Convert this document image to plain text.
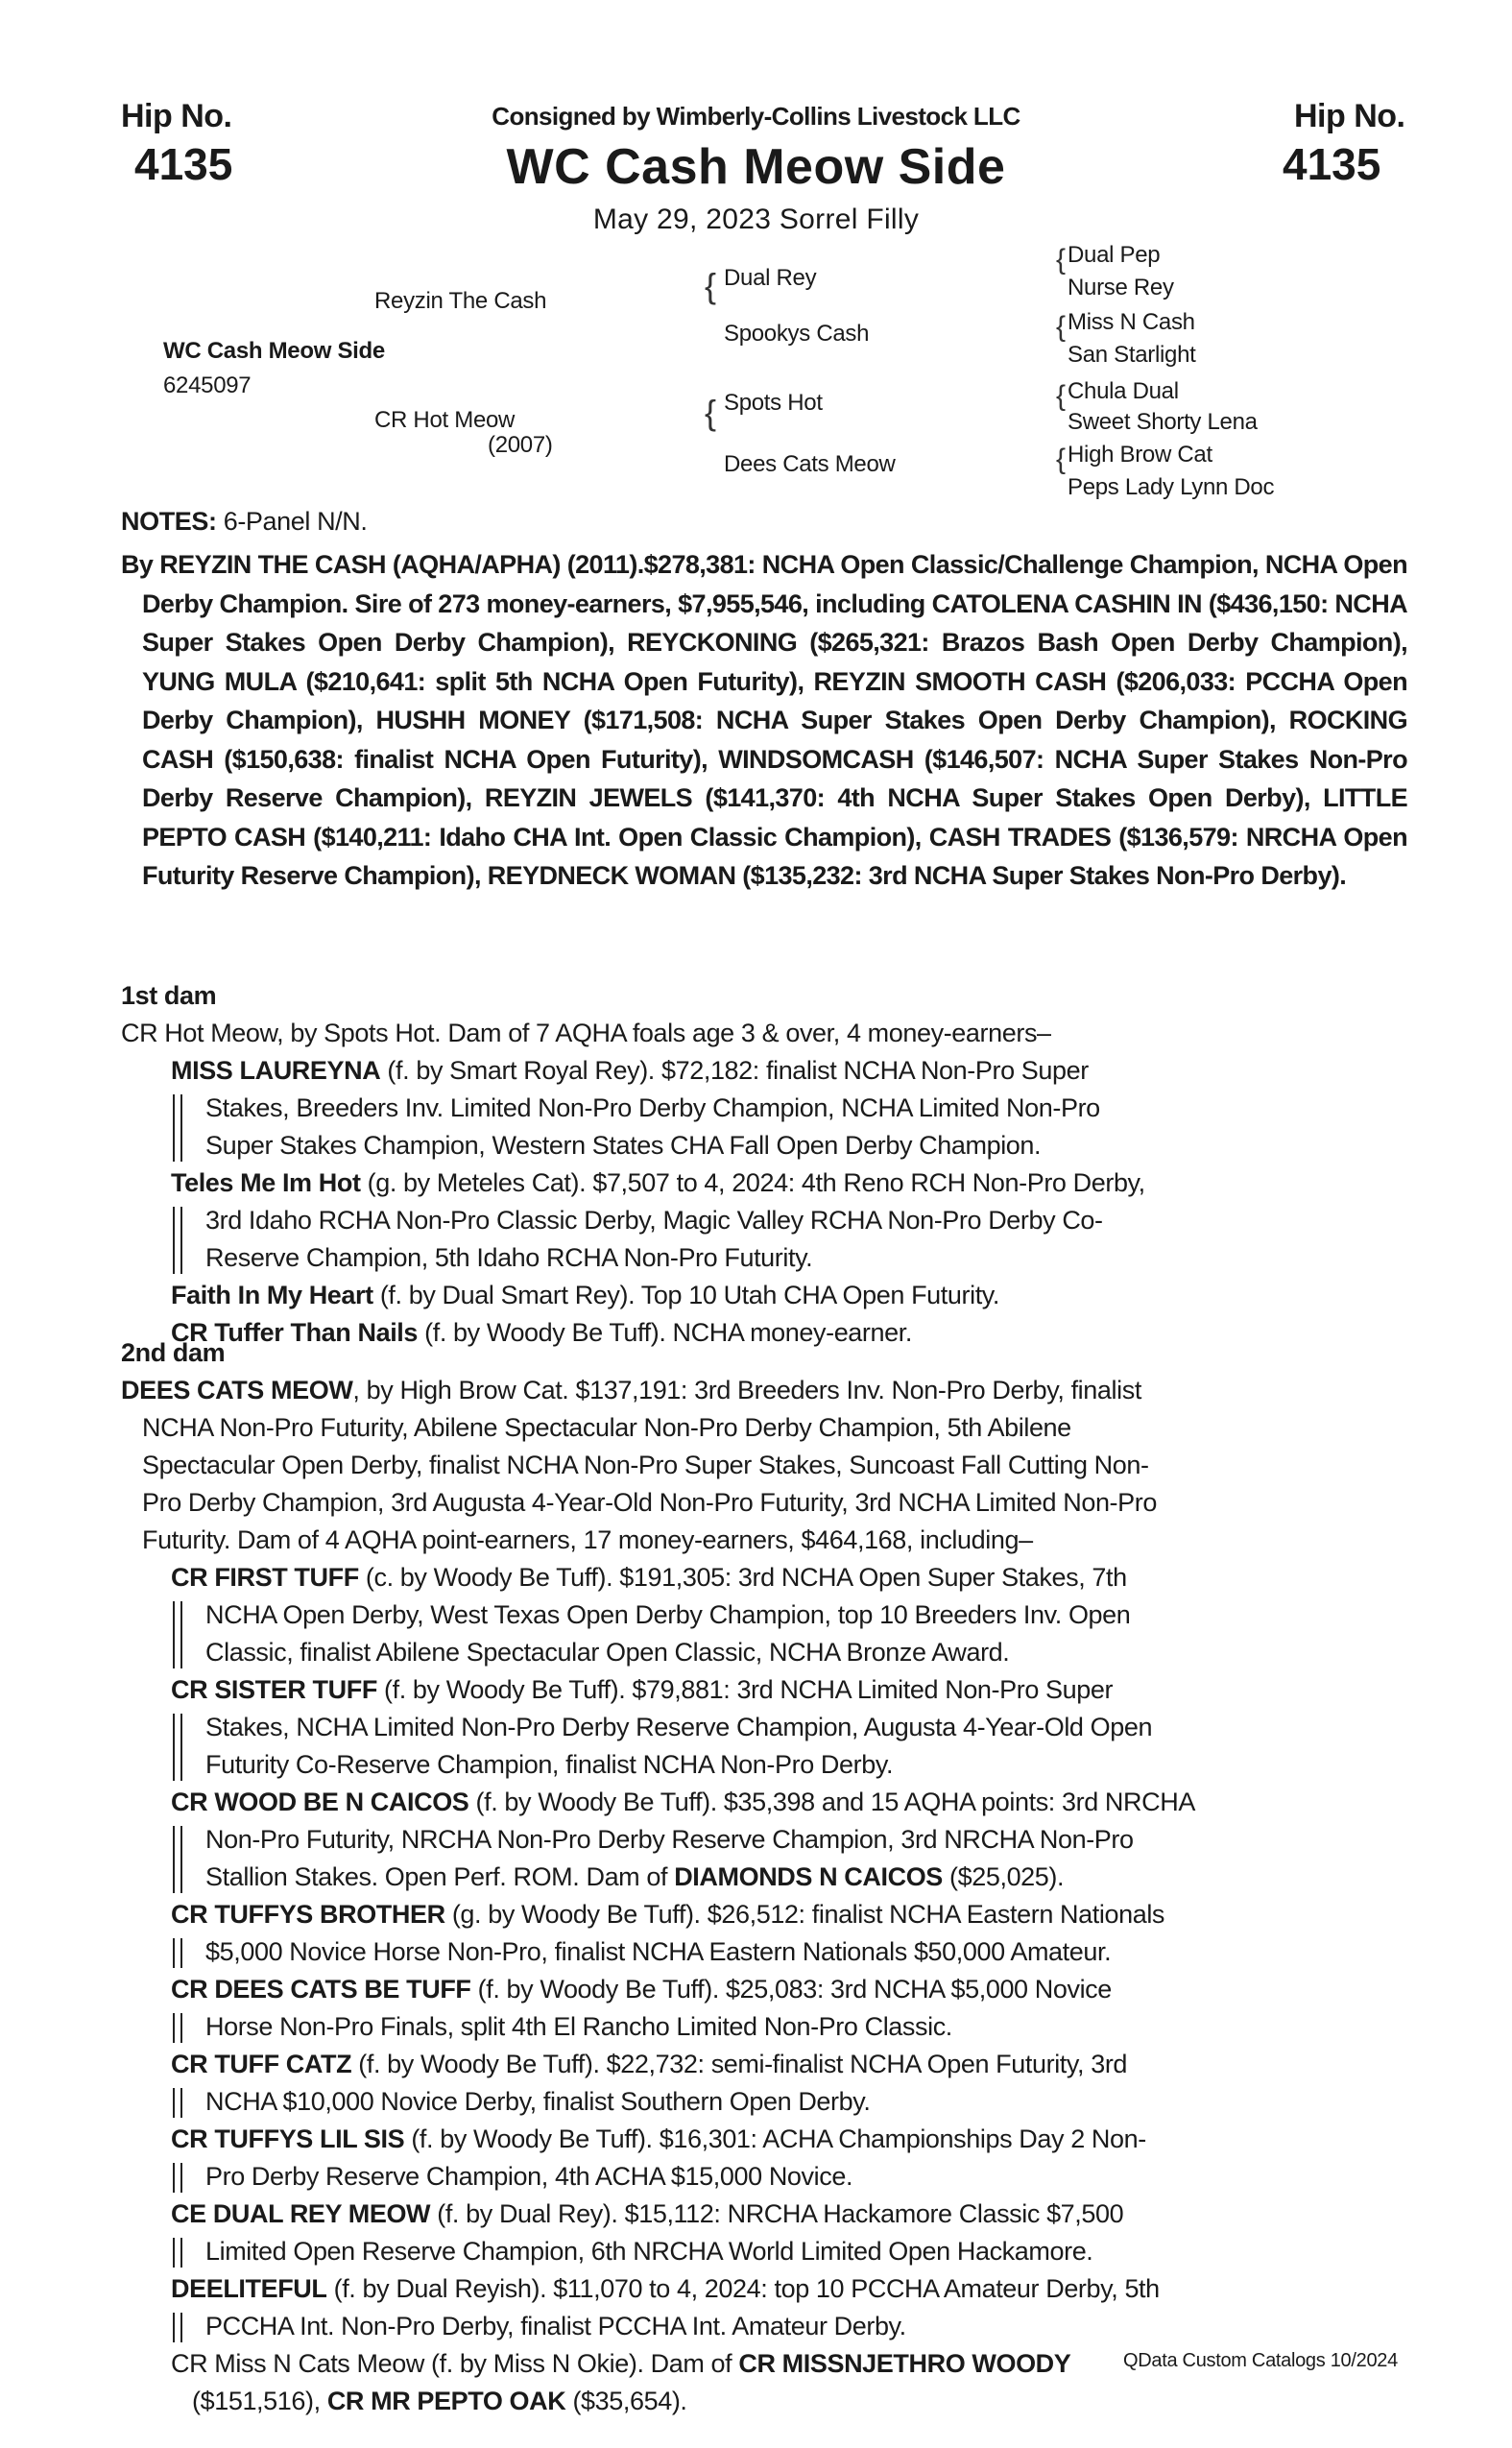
Hip No.
4135
Hip No.
4135
Consigned by Wimberly-Collins Livestock LLC
WC Cash Meow Side
May 29, 2023 Sorrel Filly
Reyzin The Cash
WC Cash Meow Side
6245097
CR Hot Meow
(2007)
{ Dual Rey
Spookys Cash
{ Spots Hot
Dees Cats Meow
{ Dual Pep
Nurse Rey
{ Miss N Cash
San Starlight
{ Chula Dual
Sweet Shorty Lena
{ High Brow Cat
Peps Lady Lynn Doc
NOTES: 6-Panel N/N.

By REYZIN THE CASH (AQHA/APHA) (2011).$278,381: NCHA Open Classic/Challenge Champion, NCHA Open Derby Champion. Sire of 273 money-earners, $7,955,546, including CATOLENA CASHIN IN ($436,150: NCHA Super Stakes Open Derby Champion), REYCKONING ($265,321: Brazos Bash Open Derby Champion), YUNG MULA ($210,641: split 5th NCHA Open Futurity), REYZIN SMOOTH CASH ($206,033: PCCHA Open Derby Champion), HUSHH MONEY ($171,508: NCHA Super Stakes Open Derby Champion), ROCKING CASH ($150,638: finalist NCHA Open Futurity), WINDSOMCASH ($146,507: NCHA Super Stakes Non-Pro Derby Reserve Champion), REYZIN JEWELS ($141,370: 4th NCHA Super Stakes Open Derby), LITTLE PEPTO CASH ($140,211: Idaho CHA Int. Open Classic Champion), CASH TRADES ($136,579: NRCHA Open Futurity Reserve Champion), REYDNECK WOMAN ($135,232: 3rd NCHA Super Stakes Non-Pro Derby).

1st dam

CR Hot Meow, by Spots Hot. Dam of 7 AQHA foals age 3 & over, 4 money-earners–

MISS LAUREYNA (f. by Smart Royal Rey). $72,182: finalist NCHA Non-Pro Super
Stakes, Breeders Inv. Limited Non-Pro Derby Champion, NCHA Limited Non-Pro
Super Stakes Champion, Western States CHA Fall Open Derby Champion.
Teles Me Im Hot (g. by Meteles Cat). $7,507 to 4, 2024: 4th Reno RCH Non-Pro Derby,
3rd Idaho RCHA Non-Pro Classic Derby, Magic Valley RCHA Non-Pro Derby Co-
Reserve Champion, 5th Idaho RCHA Non-Pro Futurity.
Faith In My Heart (f. by Dual Smart Rey). Top 10 Utah CHA Open Futurity.
CR Tuffer Than Nails (f. by Woody Be Tuff). NCHA money-earner.

2nd dam

DEES CATS MEOW, by High Brow Cat. $137,191: 3rd Breeders Inv. Non-Pro Derby, finalist
NCHA Non-Pro Futurity, Abilene Spectacular Non-Pro Derby Champion, 5th Abilene
Spectacular Open Derby, finalist NCHA Non-Pro Super Stakes, Suncoast Fall Cutting Non-
Pro Derby Champion, 3rd Augusta 4-Year-Old Non-Pro Futurity, 3rd NCHA Limited Non-Pro
Futurity. Dam of 4 AQHA point-earners, 17 money-earners, $464,168, including–
CR FIRST TUFF (c. by Woody Be Tuff). $191,305: 3rd NCHA Open Super Stakes, 7th
NCHA Open Derby, West Texas Open Derby Champion, top 10 Breeders Inv. Open
Classic, finalist Abilene Spectacular Open Classic, NCHA Bronze Award.
CR SISTER TUFF (f. by Woody Be Tuff). $79,881: 3rd NCHA Limited Non-Pro Super
Stakes, NCHA Limited Non-Pro Derby Reserve Champion, Augusta 4-Year-Old Open
Futurity Co-Reserve Champion, finalist NCHA Non-Pro Derby.
CR WOOD BE N CAICOS (f. by Woody Be Tuff). $35,398 and 15 AQHA points: 3rd NRCHA
Non-Pro Futurity, NRCHA Non-Pro Derby Reserve Champion, 3rd NRCHA Non-Pro
Stallion Stakes. Open Perf. ROM. Dam of DIAMONDS N CAICOS ($25,025).
CR TUFFYS BROTHER (g. by Woody Be Tuff). $26,512: finalist NCHA Eastern Nationals
$5,000 Novice Horse Non-Pro, finalist NCHA Eastern Nationals $50,000 Amateur.
CR DEES CATS BE TUFF (f. by Woody Be Tuff). $25,083: 3rd NCHA $5,000 Novice
Horse Non-Pro Finals, split 4th El Rancho Limited Non-Pro Classic.
CR TUFF CATZ (f. by Woody Be Tuff). $22,732: semi-finalist NCHA Open Futurity, 3rd
NCHA $10,000 Novice Derby, finalist Southern Open Derby.
CR TUFFYS LIL SIS (f. by Woody Be Tuff). $16,301: ACHA Championships Day 2 Non-
Pro Derby Reserve Champion, 4th ACHA $15,000 Novice.
CE DUAL REY MEOW (f. by Dual Rey). $15,112: NRCHA Hackamore Classic $7,500
Limited Open Reserve Champion, 6th NRCHA World Limited Open Hackamore.
DEELITEFUL (f. by Dual Reyish). $11,070 to 4, 2024: top 10 PCCHA Amateur Derby, 5th
PCCHA Int. Non-Pro Derby, finalist PCCHA Int. Amateur Derby.
CR Miss N Cats Meow (f. by Miss N Okie). Dam of CR MISSNJETHRO WOODY
($151,516), CR MR PEPTO OAK ($35,654).
QData Custom Catalogs 10/2024
